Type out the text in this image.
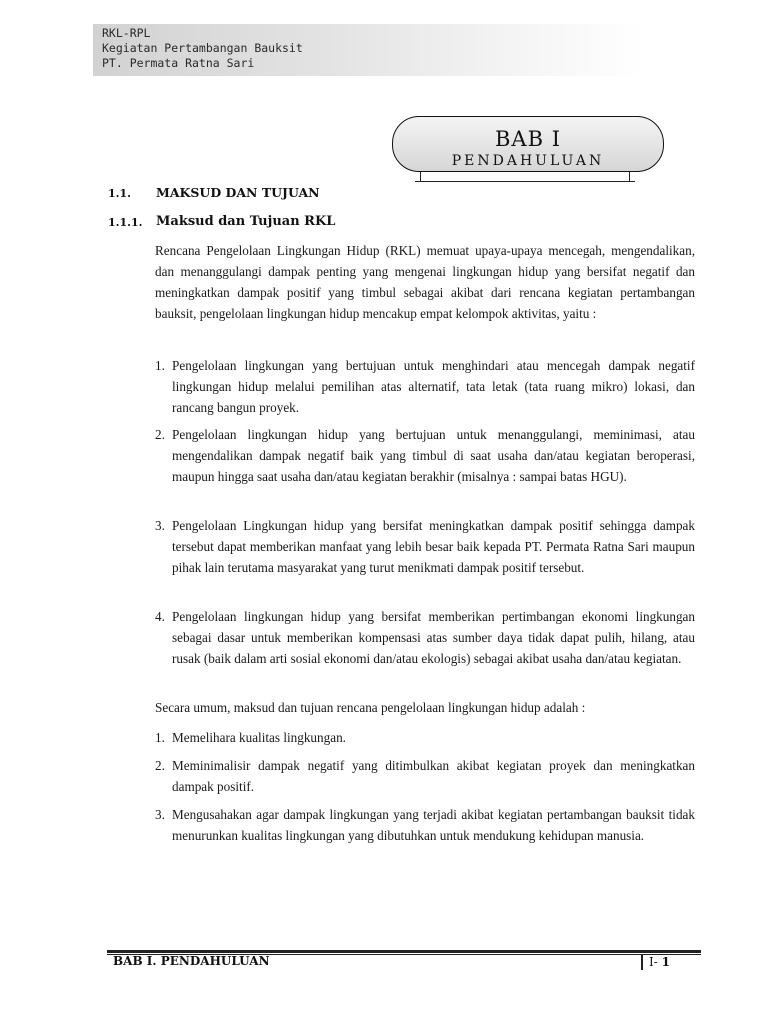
RKL-RPL
Kegiatan Pertambangan Bauksit
PT. Permata Ratna Sari
BAB I
PENDAHULUAN
1.1. MAKSUD DAN TUJUAN
1.1.1. Maksud dan Tujuan RKL
Rencana Pengelolaan Lingkungan Hidup (RKL) memuat upaya-upaya mencegah, mengendalikan, dan menanggulangi dampak penting yang mengenai lingkungan hidup yang bersifat negatif dan meningkatkan dampak positif yang timbul sebagai akibat dari rencana kegiatan pertambangan bauksit, pengelolaan lingkungan hidup mencakup empat kelompok aktivitas, yaitu :
1. Pengelolaan lingkungan yang bertujuan untuk menghindari atau mencegah dampak negatif lingkungan hidup melalui pemilihan atas alternatif, tata letak (tata ruang mikro) lokasi, dan rancang bangun proyek.
2. Pengelolaan lingkungan hidup yang bertujuan untuk menanggulangi, meminimasi, atau mengendalikan dampak negatif baik yang timbul di saat usaha dan/atau kegiatan beroperasi, maupun hingga saat usaha dan/atau kegiatan berakhir (misalnya : sampai batas HGU).
3. Pengelolaan Lingkungan hidup yang bersifat meningkatkan dampak positif sehingga dampak tersebut dapat memberikan manfaat yang lebih besar baik kepada PT. Permata Ratna Sari maupun pihak lain terutama masyarakat yang turut menikmati dampak positif tersebut.
4. Pengelolaan lingkungan hidup yang bersifat memberikan pertimbangan ekonomi lingkungan sebagai dasar untuk memberikan kompensasi atas sumber daya tidak dapat pulih, hilang, atau rusak (baik dalam arti sosial ekonomi dan/atau ekologis) sebagai akibat usaha dan/atau kegiatan.
Secara umum, maksud dan tujuan rencana pengelolaan lingkungan hidup adalah :
1. Memelihara kualitas lingkungan.
2. Meminimalisir dampak negatif yang ditimbulkan akibat kegiatan proyek dan meningkatkan dampak positif.
3. Mengusahakan agar dampak lingkungan yang terjadi akibat kegiatan pertambangan bauksit tidak menurunkan kualitas lingkungan yang dibutuhkan untuk mendukung kehidupan manusia.
BAB I. PENDAHULUAN	I- 1
